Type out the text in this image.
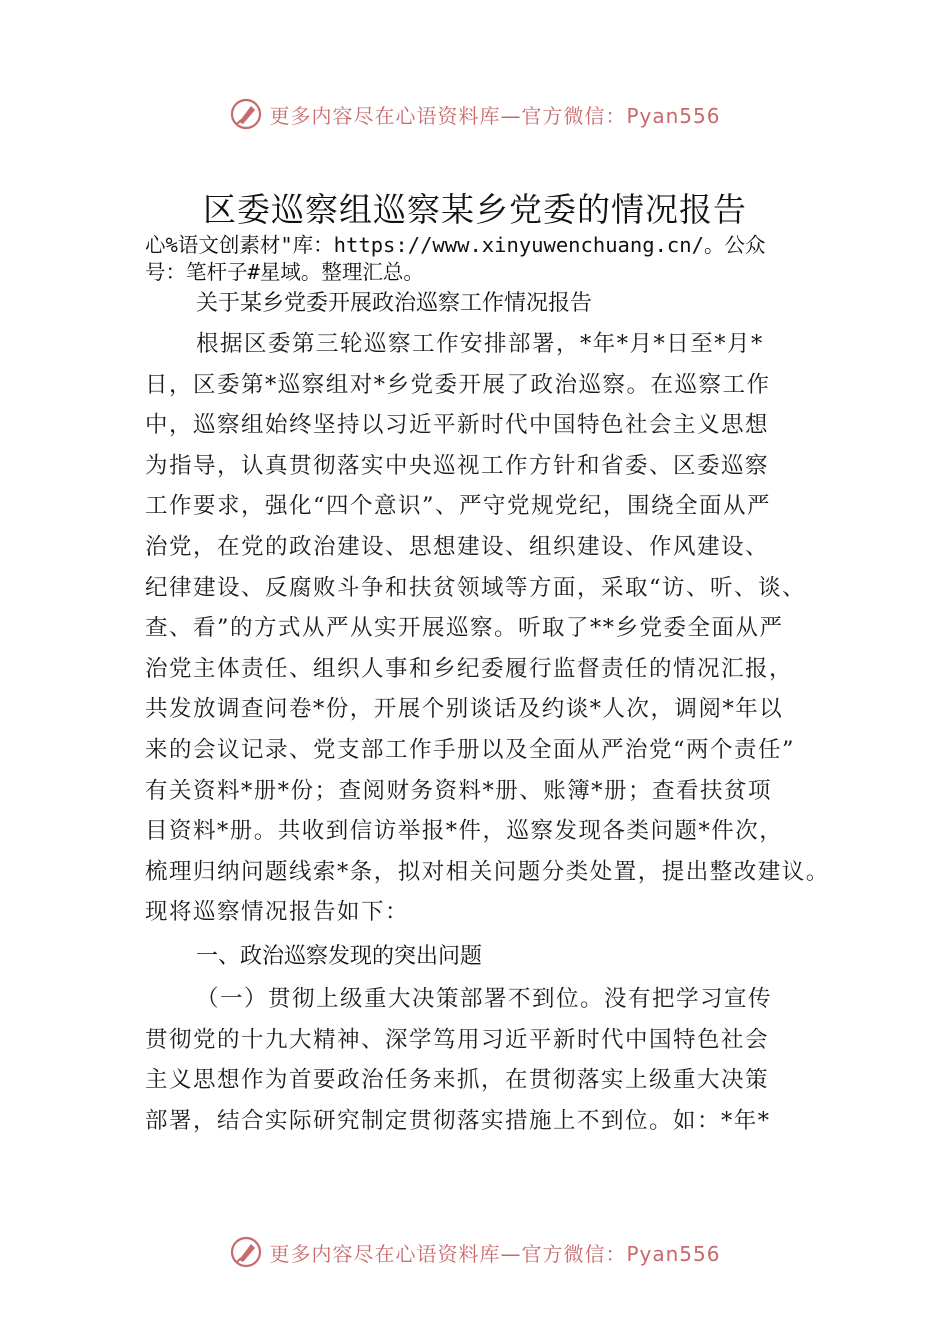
更多内容尽在心语资料库—官方微信：Pyan556
区委巡察组巡察某乡党委的情况报告
心%语文创素材"库：https://www.xinyuwenchuang.cn/。公众
号：笔杆子#星域。整理汇总。
关于某乡党委开展政治巡察工作情况报告
根据区委第三轮巡察工作安排部署，*年*月*日至*月*
日，区委第*巡察组对*乡党委开展了政治巡察。在巡察工作
中，巡察组始终坚持以习近平新时代中国特色社会主义思想
为指导，认真贯彻落实中央巡视工作方针和省委、区委巡察
工作要求，强化“四个意识”、严守党规党纪，围绕全面从严
治党，在党的政治建设、思想建设、组织建设、作风建设、
纪律建设、反腐败斗争和扶贫领域等方面，采取“访、听、谈、
查、看”的方式从严从实开展巡察。听取了**乡党委全面从严
治党主体责任、组织人事和乡纪委履行监督责任的情况汇报，
共发放调查问卷*份，开展个别谈话及约谈*人次，调阅*年以
来的会议记录、党支部工作手册以及全面从严治党“两个责任”
有关资料*册*份；查阅财务资料*册、账簿*册；查看扶贫项
目资料*册。共收到信访举报*件，巡察发现各类问题*件次，
梳理归纳问题线索*条，拟对相关问题分类处置，提出整改建议。
现将巡察情况报告如下：
一、政治巡察发现的突出问题
（一）贯彻上级重大决策部署不到位。没有把学习宣传
贯彻党的十九大精神、深学笃用习近平新时代中国特色社会
主义思想作为首要政治任务来抓，在贯彻落实上级重大决策
部署，结合实际研究制定贯彻落实措施上不到位。如：*年*
更多内容尽在心语资料库—官方微信：Pyan556
